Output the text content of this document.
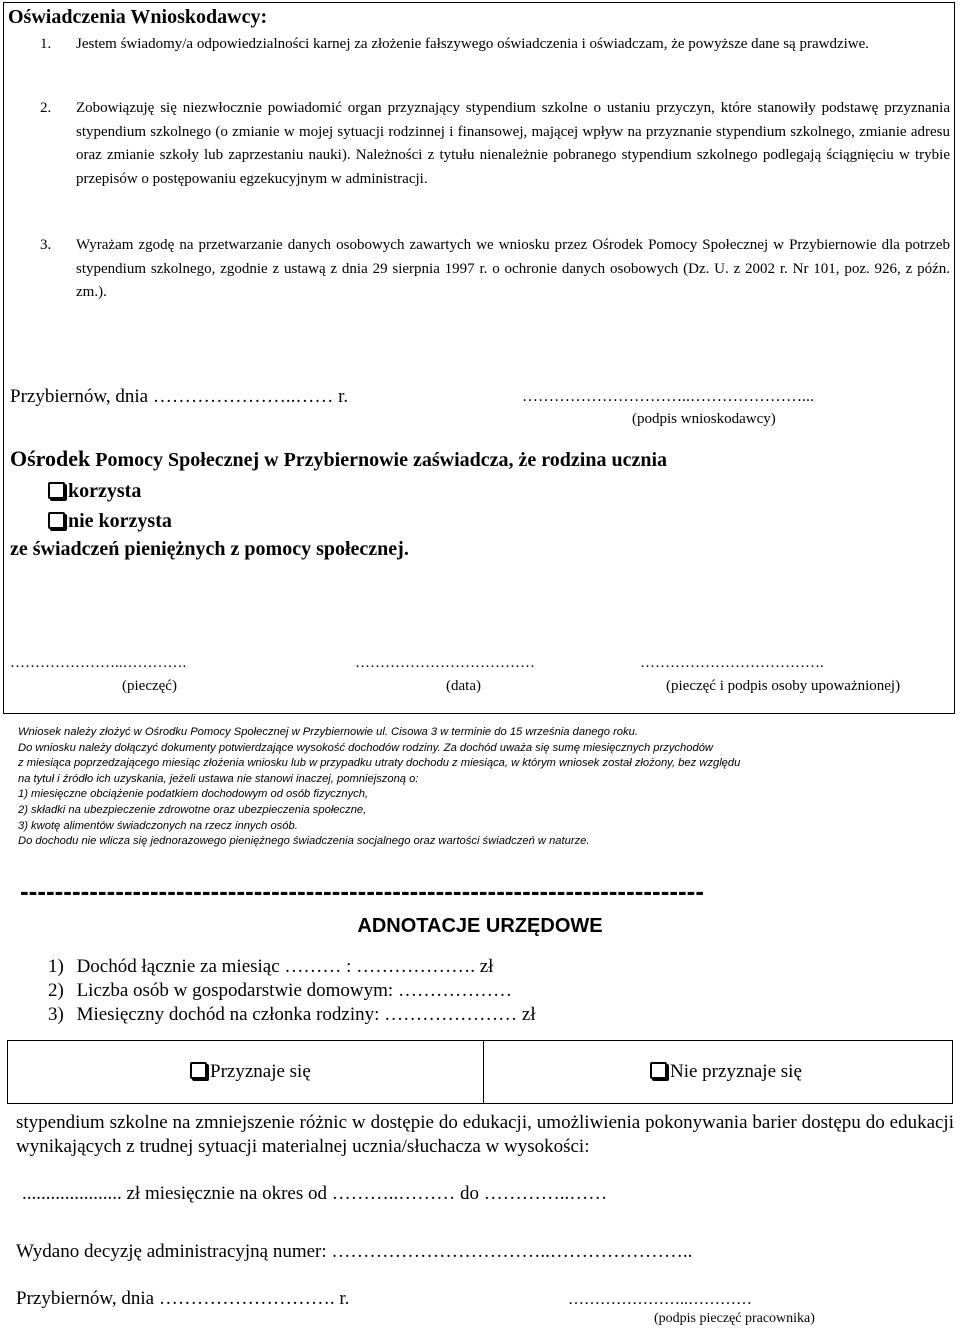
Oświadczenia Wnioskodawcy:
1. Jestem świadomy/a odpowiedzialności karnej za złożenie fałszywego oświadczenia i oświadczam, że powyższe dane są prawdziwe.
2. Zobowiązuję się niezwłocznie powiadomić organ przyznający stypendium szkolne o ustaniu przyczyn, które stanowiły podstawę przyznania stypendium szkolnego (o zmianie w mojej sytuacji rodzinnej i finansowej, mającej wpływ na przyznanie stypendium szkolnego, zmianie adresu oraz zmianie szkoły lub zaprzestaniu nauki). Należności z tytułu nienależnie pobranego stypendium szkolnego podlegają ściągnięciu w trybie przepisów o postępowaniu egzekucyjnym w administracji.
3. Wyrażam zgodę na przetwarzanie danych osobowych zawartych we wniosku przez Ośrodek Pomocy Społecznej w Przybiernowie dla potrzeb stypendium szkolnego, zgodnie z ustawą z dnia 29 sierpnia 1997 r. o ochronie danych osobowych (Dz. U. z 2002 r. Nr 101, poz. 926, z późn. zm.).
Przybiernów, dnia …………………..…… r.	…………………………..…………………...
(podpis wnioskodawcy)
Ośrodek Pomocy Społecznej w Przybiernowie zaświadcza, że rodzina ucznia
korzysta
nie korzysta
ze świadczeń pieniężnych z pomocy społecznej.
…………………..………….
(pieczęć)
………………………………
(data)
……………………………….
(pieczęć i podpis osoby upoważnionej)
Wniosek należy złożyć w Ośrodku Pomocy Społecznej w Przybiernowie ul. Cisowa 3 w terminie do 15 września danego roku.
Do wniosku należy dołączyć dokumenty potwierdzające wysokość dochodów rodziny. Za dochód uważa się sumę miesięcznych przychodów
z miesiąca poprzedzającego miesiąc złożenia wniosku lub w przypadku utraty dochodu z miesiąca, w którym wniosek został złożony, bez względu
na tytuł i źródło ich uzyskania, jeżeli ustawa nie stanowi inaczej, pomniejszoną o:
1) miesięczne obciążenie podatkiem dochodowym od osób fizycznych,
2) składki na ubezpieczenie zdrowotne oraz ubezpieczenia społeczne,
3) kwotę alimentów świadczonych na rzecz innych osób.
Do dochodu nie wlicza się jednorazowego pieniężnego świadczenia socjalnego oraz wartości świadczeń w naturze.
-------------------------------------------------------------------------------
ADNOTACJE URZĘDOWE
1) Dochód łącznie za miesiąc ……… : ………………. zł
2) Liczba osób w gospodarstwie domowym: ………………
3) Miesięczny dochód na członka rodziny: ………………… zł
Przyznaje się	Nie przyznaje się
stypendium szkolne na zmniejszenie różnic w dostępie do edukacji, umożliwienia pokonywania barier dostępu do edukacji wynikających z trudnej sytuacji materialnej ucznia/słuchacza w wysokości:
..................... zł miesięcznie na okres od ………..……… do …………..……
Wydano decyzję administracyjną numer: ……………………………..…………………..
Przybiernów, dnia ………………………. r.	…………………..…………
(podpis pieczęć pracownika)
